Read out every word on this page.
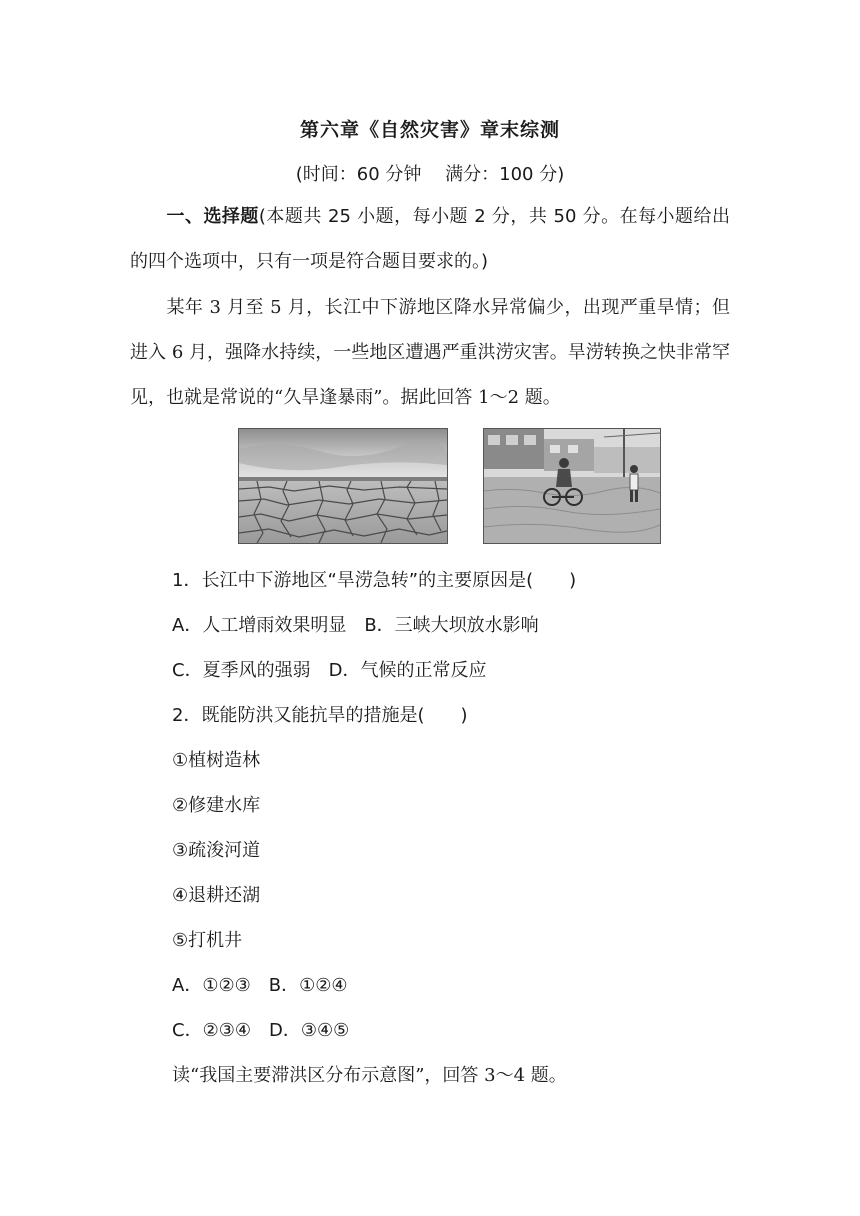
第六章《自然灾害》章末综测
(时间：60 分钟　 满分：100 分)
一、选择题(本题共 25 小题，每小题 2 分，共 50 分。在每小题给出的四个选项中，只有一项是符合题目要求的。)
某年 3 月至 5 月，长江中下游地区降水异常偏少，出现严重旱情；但进入 6 月，强降水持续，一些地区遭遇严重洪涝灾害。旱涝转换之快非常罕见，也就是常说的“久旱逢暴雨”。据此回答 1～2 题。
1．长江中下游地区“旱涝急转”的主要原因是(　　)
A．人工增雨效果明显 B．三峡大坝放水影响
C．夏季风的强弱 D．气候的正常反应
2．既能防洪又能抗旱的措施是(　　)
①植树造林
②修建水库
③疏浚河道
④退耕还湖
⑤打机井
A．①②③ B．①②④
C．②③④ D．③④⑤
读“我国主要滞洪区分布示意图”，回答 3～4 题。
